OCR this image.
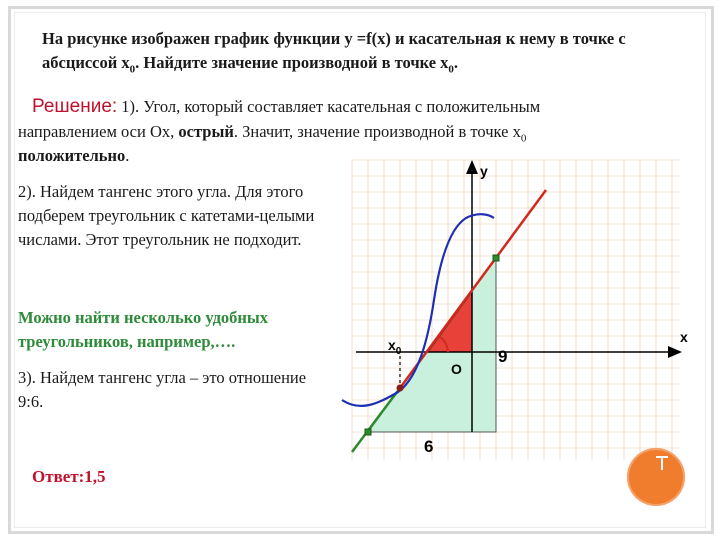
На рисунке изображен график функции у =f(x) и касательная к нему в точке с абсциссой $х_0$. Найдите значение производной в точке $х_0$.
Решение: 1). Угол, который составляет касательная с положительным
направлением оси Ох, острый. Значит, значение производной в точке $х_0$
положительно.
2). Найдем тангенс этого угла. Для этого подберем треугольник с катетами-целыми числами. Этот треугольник не подходит.
Можно найти несколько удобных треугольников, например,….
3). Найдем тангенс угла – это отношение 9:6.
Ответ:1,5
y
x
O
$x_0$	9
6
